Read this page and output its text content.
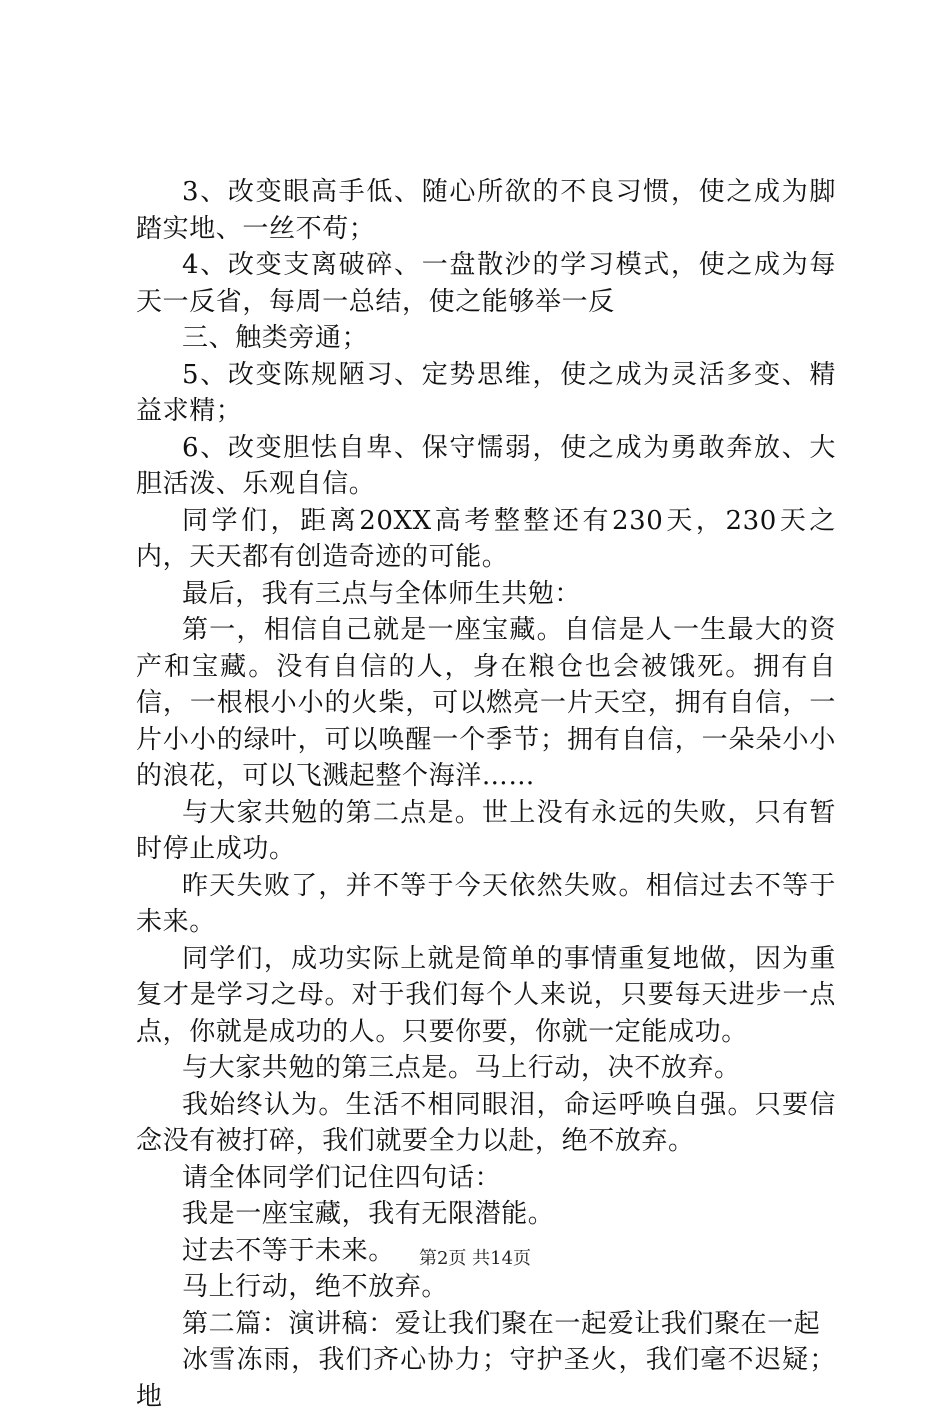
3、改变眼高手低、随心所欲的不良习惯，使之成为脚踏实地、一丝不苟；

4、改变支离破碎、一盘散沙的学习模式，使之成为每天一反省，每周一总结，使之能够举一反

三、触类旁通；

5、改变陈规陋习、定势思维，使之成为灵活多变、精益求精；

6、改变胆怯自卑、保守懦弱，使之成为勇敢奔放、大胆活泼、乐观自信。

同学们，距离20XX高考整整还有230天，230天之内，天天都有创造奇迹的可能。

最后，我有三点与全体师生共勉：

第一，相信自己就是一座宝藏。自信是人一生最大的资产和宝藏。没有自信的人，身在粮仓也会被饿死。拥有自信，一根根小小的火柴，可以燃亮一片天空，拥有自信，一片小小的绿叶，可以唤醒一个季节；拥有自信，一朵朵小小的浪花，可以飞溅起整个海洋……

与大家共勉的第二点是。世上没有永远的失败，只有暂时停止成功。

昨天失败了，并不等于今天依然失败。相信过去不等于未来。

同学们，成功实际上就是简单的事情重复地做，因为重复才是学习之母。对于我们每个人来说，只要每天进步一点点，你就是成功的人。只要你要，你就一定能成功。

与大家共勉的第三点是。马上行动，决不放弃。

我始终认为。生活不相同眼泪，命运呼唤自强。只要信念没有被打碎，我们就要全力以赴，绝不放弃。

请全体同学们记住四句话：

我是一座宝藏，我有无限潜能。

过去不等于未来。

马上行动，绝不放弃。

第二篇：演讲稿：爱让我们聚在一起爱让我们聚在一起

冰雪冻雨，我们齐心协力；守护圣火，我们毫不迟疑；地

第2页 共14页
